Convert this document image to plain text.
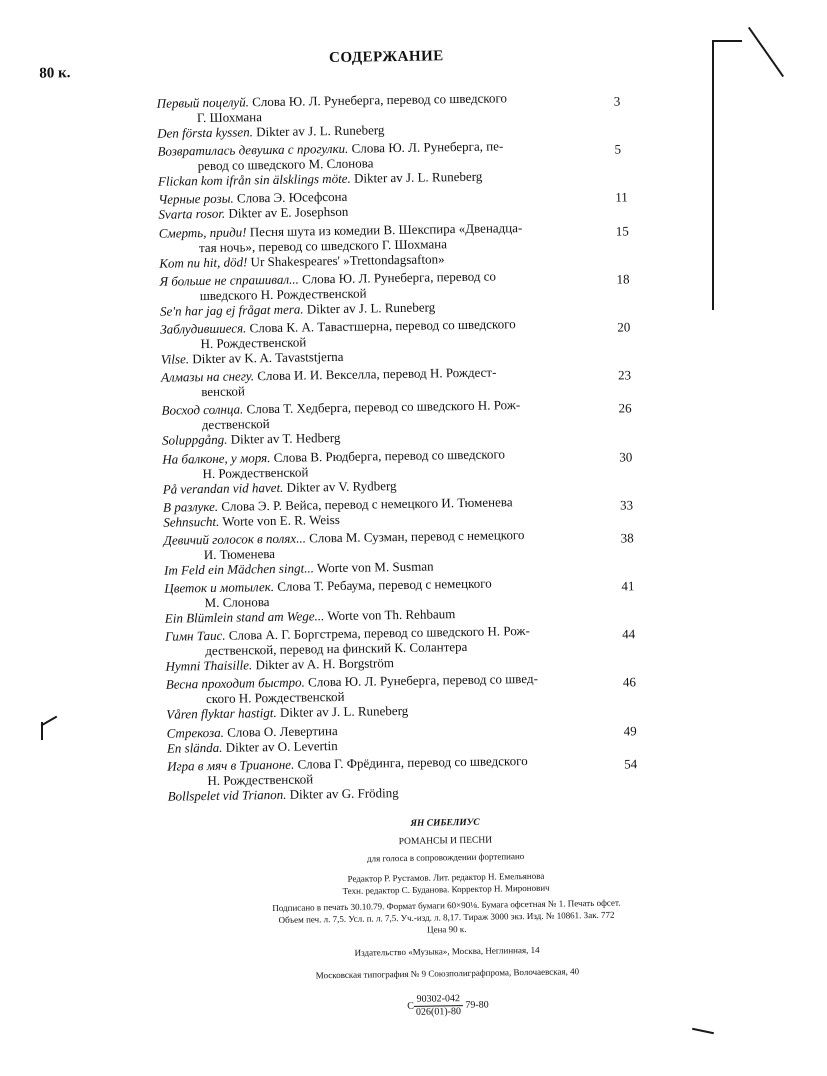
80 к.
СОДЕРЖАНИЕ
Первый поцелуй. Слова Ю. Л. Рунеберга, перевод со шведского
Г. Шохмана
Den första kyssen. Dikter av J. L. Runeberg
3
Возвратилась девушка с прогулки. Слова Ю. Л. Рунеберга, пе-
ревод со шведского М. Слонова
Flickan kom ifrån sin älsklings möte. Dikter av J. L. Runeberg
5
Черные розы. Слова Э. Юсефсона
Svarta rosor. Dikter av E. Josephson
11
Смерть, приди! Песня шута из комедии В. Шекспира «Двенадца-
тая ночь», перевод со шведского Г. Шохмана
Kom nu hit, död! Ur Shakespeares' »Trettondagsafton»
15
Я больше не спрашивал... Слова Ю. Л. Рунеберга, перевод со
шведского Н. Рождественской
Se'n har jag ej frågat mera. Dikter av J. L. Runeberg
18
Заблудившиеся. Слова К. А. Тавастшерна, перевод со шведского
Н. Рождественской
Vilse. Dikter av K. A. Tavaststjerna
20
Алмазы на снегу. Слова И. И. Вексeлла, перевод Н. Рождест-
венской
23
Восход солнца. Слова Т. Хедберга, перевод со шведского Н. Рож-
дественской
Soluppgång. Dikter av T. Hedberg
26
На балконе, у моря. Слова В. Рюдберга, перевод со шведского
Н. Рождественской
På verandan vid havet. Dikter av V. Rydberg
30
В разлуке. Слова Э. Р. Вейса, перевод с немецкого И. Тюменева
Sehnsucht. Worte von E. R. Weiss
33
Девичий голосок в полях... Слова М. Сузман, перевод с немецкого
И. Тюменева
Im Feld ein Mädchen singt... Worte von M. Susman
38
Цветок и мотылек. Слова Т. Ребаума, перевод с немецкого
М. Слонова
Ein Blümlein stand am Wege... Worte von Th. Rehbaum
41
Гимн Таис. Слова А. Г. Боргстрема, перевод со шведского Н. Рож-
дественской, перевод на финский К. Солантера
Hymni Thaisille. Dikter av A. H. Borgström
44
Весна проходит быстро. Слова Ю. Л. Рунеберга, перевод со швед-
ского Н. Рождественской
Våren flyktar hastigt. Dikter av J. L. Runeberg
46
Стрекоза. Слова О. Левертина
En slända. Dikter av O. Levertin
49
Игра в мяч в Трианоне. Слова Г. Фрёдинга, перевод со шведского
Н. Рождественской
Bollspelet vid Trianon. Dikter av G. Fröding
54
ЯН СИБЕЛИУС
РОМАНСЫ И ПЕСНИ
для голоса в сопровождении фортепиано
Редактор Р. Рустамов. Лит. редактор Н. Емельянова
Техн. редактор С. Буданова. Корректор Н. Миронович
Подписано в печать 30.10.79. Формат бумаги 60×90⅛. Бумага офсетная № 1. Печать офсет.
Объем печ. л. 7,5. Усл. п. л. 7,5. Уч.-изд. л. 8,17. Тираж 3000 экз. Изд. № 10861. Зак. 772
Цена 90 к.
Издательство «Музыка», Москва, Неглинная, 14
Московская типография № 9 Союзполиграфпрома, Волочаевская, 40
С $\frac{90302-042}{026(01)-80} 79-80$
